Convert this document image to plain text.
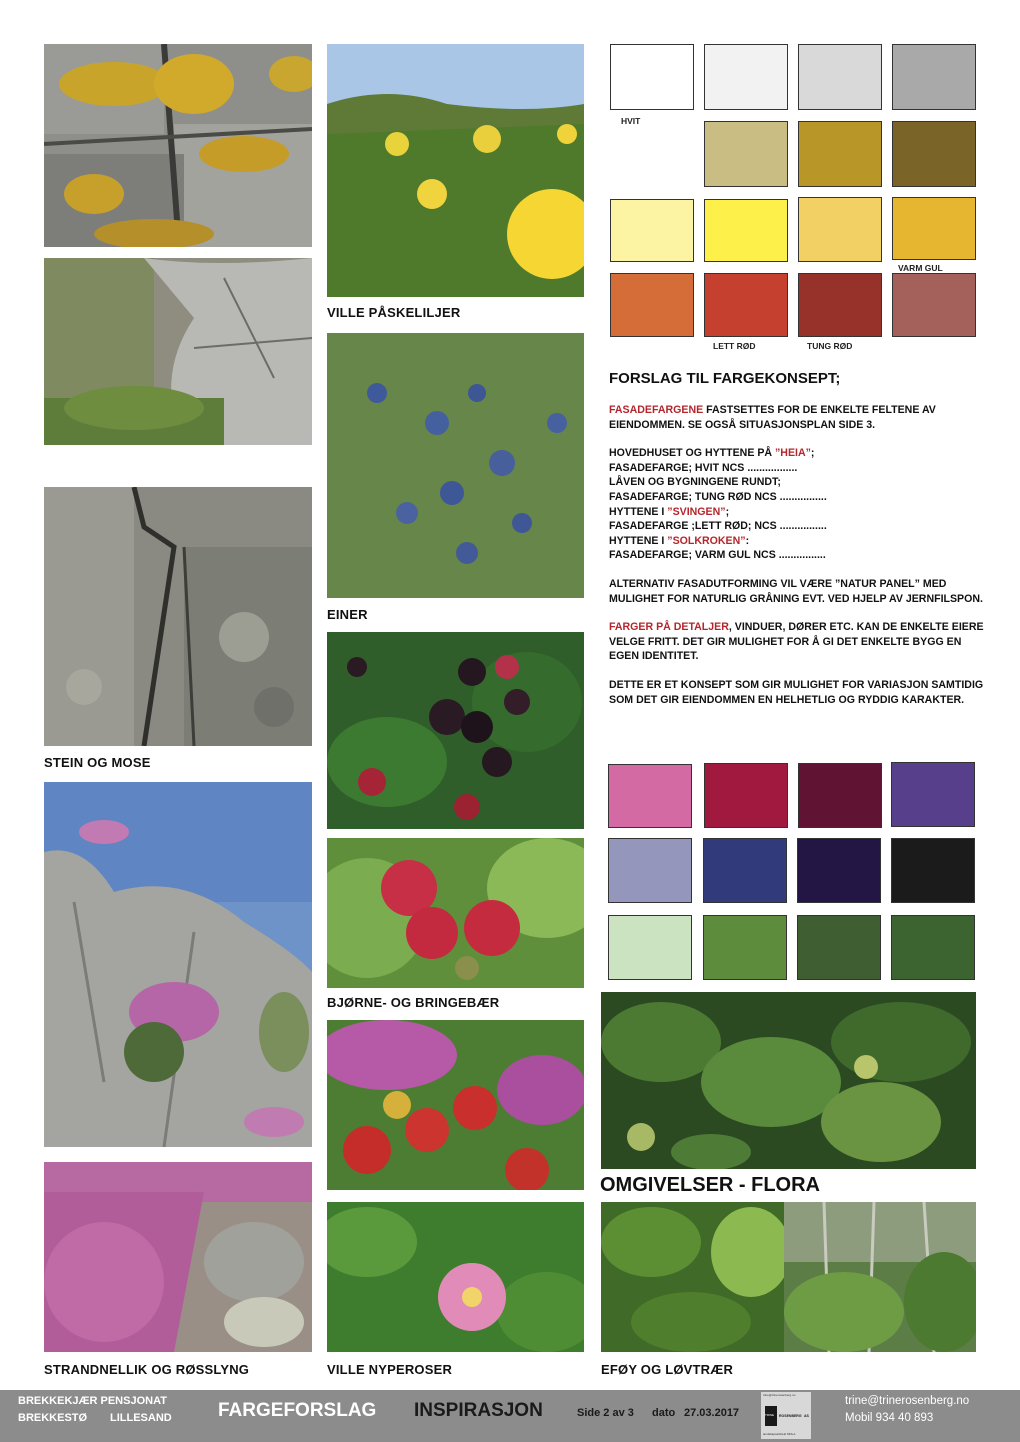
STEIN OG MOSE
STRANDNELLIK OG RØSSLYNG
VILLE PÅSKELILJER
EINER
BJØRNE- OG BRINGEBÆR
VILLE NYPEROSER
HVIT
VARM GUL
LETT RØD	TUNG RØD
FORSLAG TIL FARGEKONSEPT;

FASADEFARGENE FASTSETTES FOR DE ENKELTE FELTENE AV EIENDOMMEN. SE OGSÅ SITUASJONSPLAN SIDE 3.

HOVEDHUSET OG HYTTENE PÅ ”HEIA”;
FASADEFARGE; HVIT NCS .................
LÅVEN OG BYGNINGENE RUNDT;
FASADEFARGE; TUNG RØD NCS ................
HYTTENE I ”SVINGEN”;
FASADEFARGE ;LETT RØD; NCS ................
HYTTENE I ”SOLKROKEN”:
FASADEFARGE; VARM GUL NCS ................

ALTERNATIV FASADUTFORMING VIL VÆRE ”NATUR PANEL” MED MULIGHET FOR NATURLIG GRÅNING EVT. VED HJELP AV JERNFILSPON.

FARGER PÅ DETALJER, VINDUER, DØRER ETC. KAN DE ENKELTE EIERE VELGE FRITT. DET GIR MULIGHET FOR Å GI DET ENKELTE BYGG EN EGEN IDENTITET.

DETTE ER ET KONSEPT SOM GIR MULIGHET FOR VARIASJON SAMTIDIG SOM DET GIR EIENDOMMEN EN HELHETLIG OG RYDDIG KARAKTER.

OMGIVELSER - FLORA
EFØY OG LØVTRÆR
BREKKEKJÆR PENSJONAT
BREKKESTØ LILLESAND FARGEFORSLAG INSPIRASJON	Side 2 av 3 dato 27.03.2017
trine@trinerosenberg.no
TRINE ROSENBERG AS
landskapsarkitekt MNLA
trine@trinerosenberg.no
Mobil 934 40 893
